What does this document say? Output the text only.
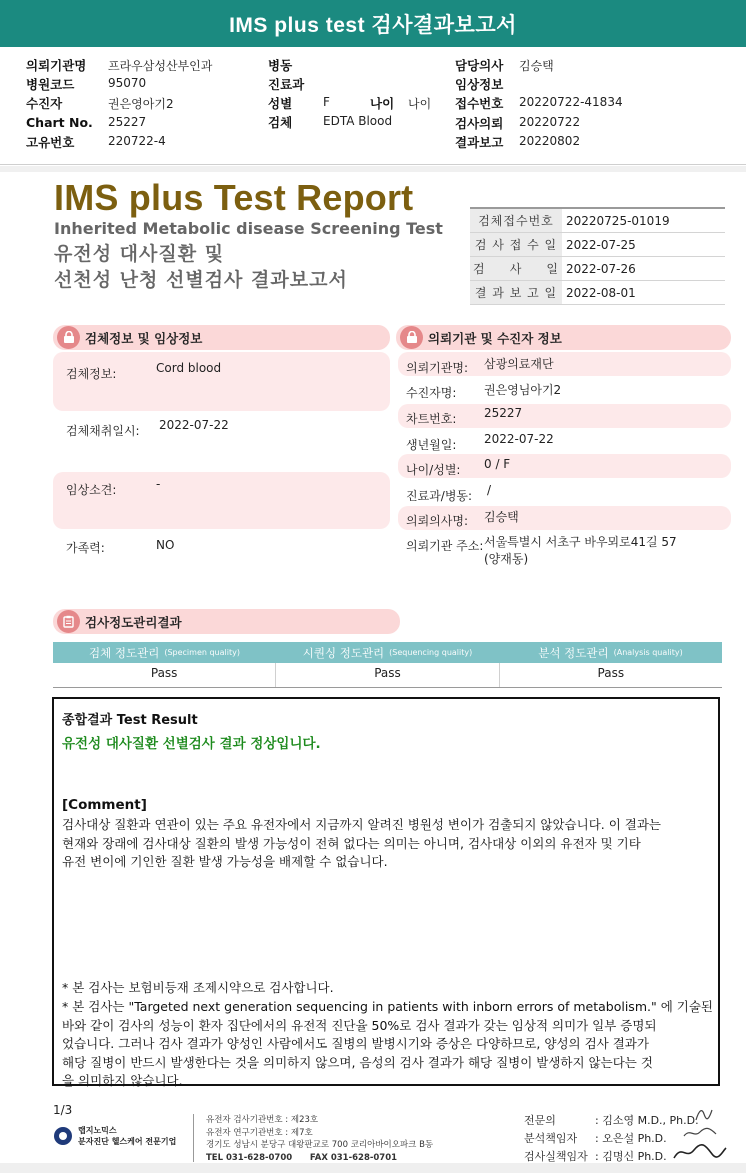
IMS plus test 검사결과보고서
의뢰기관명 프라우삼성산부인과
병원코드	95070
수진자	권은영아기2
Chart No. 25227
고유번호	220722-4
병동
진료과
성별	F	나이 나이
검체	EDTA Blood
담당의사 김승택
임상정보
접수번호 20220722-41834
검사의뢰 20220722
결과보고 20220802
IMS plus Test Report
Inherited Metabolic disease Screening Test
유전성 대사질환 및
선천성 난청 선별검사 결과보고서
검체접수번호	20220725-01019
검 사 접 수 일 2022-07-25
검     사     일 2022-07-26
결 과 보 고 일 2022-08-01
검체정보 및 임상정보
검체정보:	Cord blood
검체채취일시: 2022-07-22
임상소견:	-
가족력:	NO
의뢰기관 및 수진자 정보
의뢰기관명: 삼광의료재단
수진자명: 권은영님아기2
차트번호: 25227
생년월일: 2022-07-22
나이/성별: 0 / F
진료과/병동: /
의뢰의사명: 김승택
의뢰기관 주소: 서울특별시 서초구 바우뫼로41길 57
(양재동)
검사정도관리결과
검체 정도관리 (Specimen quality)	시퀀싱 정도관리 (Sequencing quality)	분석 정도관리 (Analysis quality)
Pass	Pass	Pass
종합결과 Test Result
유전성 대사질환 선별검사 결과 정상입니다.
[Comment]
검사대상 질환과 연관이 있는 주요 유전자에서 지금까지 알려진 병원성 변이가 검출되지 않았습니다. 이 결과는
현재와 장래에 검사대상 질환의 발생 가능성이 전혀 없다는 의미는 아니며, 검사대상 이외의 유전자 및 기타
유전 변이에 기인한 질환 발생 가능성을 배제할 수 없습니다.
* 본 검사는 보험비등재 조제시약으로 검사합니다.
* 본 검사는 "Targeted next generation sequencing in patients with inborn errors of metabolism." 에 기술된
바와 같이 검사의 성능이 환자 집단에서의 유전적 진단율 50%로 검사 결과가 갖는 임상적 의미가 일부 증명되
었습니다. 그러나 검사 결과가 양성인 사람에서도 질병의 발병시기와 증상은 다양하므로, 양성의 검사 결과가
해당 질병이 반드시 발생한다는 것을 의미하지 않으며, 음성의 검사 결과가 해당 질병이 발생하지 않는다는 것
을 의미하지 않습니다.
1/3
랩지노믹스
분자진단 헬스케어 전문기업
유전자 검사기관번호 : 제23호
유전자 연구기관번호 : 제7호
경기도 성남시 분당구 대왕판교로 700 코리아바이오파크 B동
TEL 031-628-0700      FAX 031-628-0701
전문의	: 김소영 M.D., Ph.D.
분석책임자 : 오은설 Ph.D.
검사실책임자 : 김명신 Ph.D.
